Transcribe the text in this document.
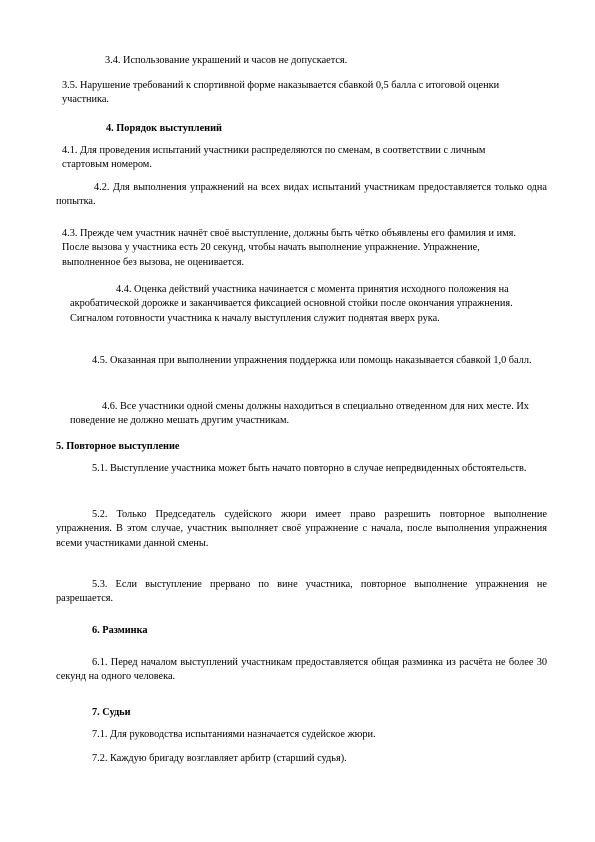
3.4. Использование украшений и часов не допускается.

3.5. Нарушение требований к спортивной форме наказывается сбавкой 0,5 балла с итоговой оценки участника.

4. Порядок выступлений

4.1. Для проведения испытаний участники распределяются по сменам, в соответствии с личным стартовым номером.

4.2. Для выполнения упражнений на всех видах испытаний участникам предоставляется только одна попытка.

4.3. Прежде чем участник начнёт своё выступление, должны быть чётко объявлены его фамилия и имя. После вызова у участника есть 20 секунд, чтобы начать выполнение упражнение. Упражнение, выполненное без вызова, не оценивается.

4.4. Оценка действий участника начинается с момента принятия исходного положения на акробатической дорожке и заканчивается фиксацией основной стойки после окончания упражнения. Сигналом готовности участника к началу выступления служит поднятая вверх рука.

4.5. Оказанная при выполнении упражнения поддержка или помощь наказывается сбавкой 1,0 балл.

4.6. Все участники одной смены должны находиться в специально отведенном для них месте. Их поведение не должно мешать другим участникам.

5. Повторное выступление

5.1. Выступление участника может быть начато повторно в случае непредвиденных обстоятельств.

5.2. Только Председатель судейского жюри имеет право разрешить повторное выполнение упражнения. В этом случае, участник выполняет своё упражнение с начала, после выполнения упражнения всеми участниками данной смены.

5.3. Если выступление прервано по вине участника, повторное выполнение упражнения не разрешается.

6. Разминка

6.1. Перед началом выступлений участникам предоставляется общая разминка из расчёта не более 30 секунд на одного человека.

7. Судьи

7.1. Для руководства испытаниями назначается судейское жюри.

7.2. Каждую бригаду возглавляет арбитр (старший судья).
